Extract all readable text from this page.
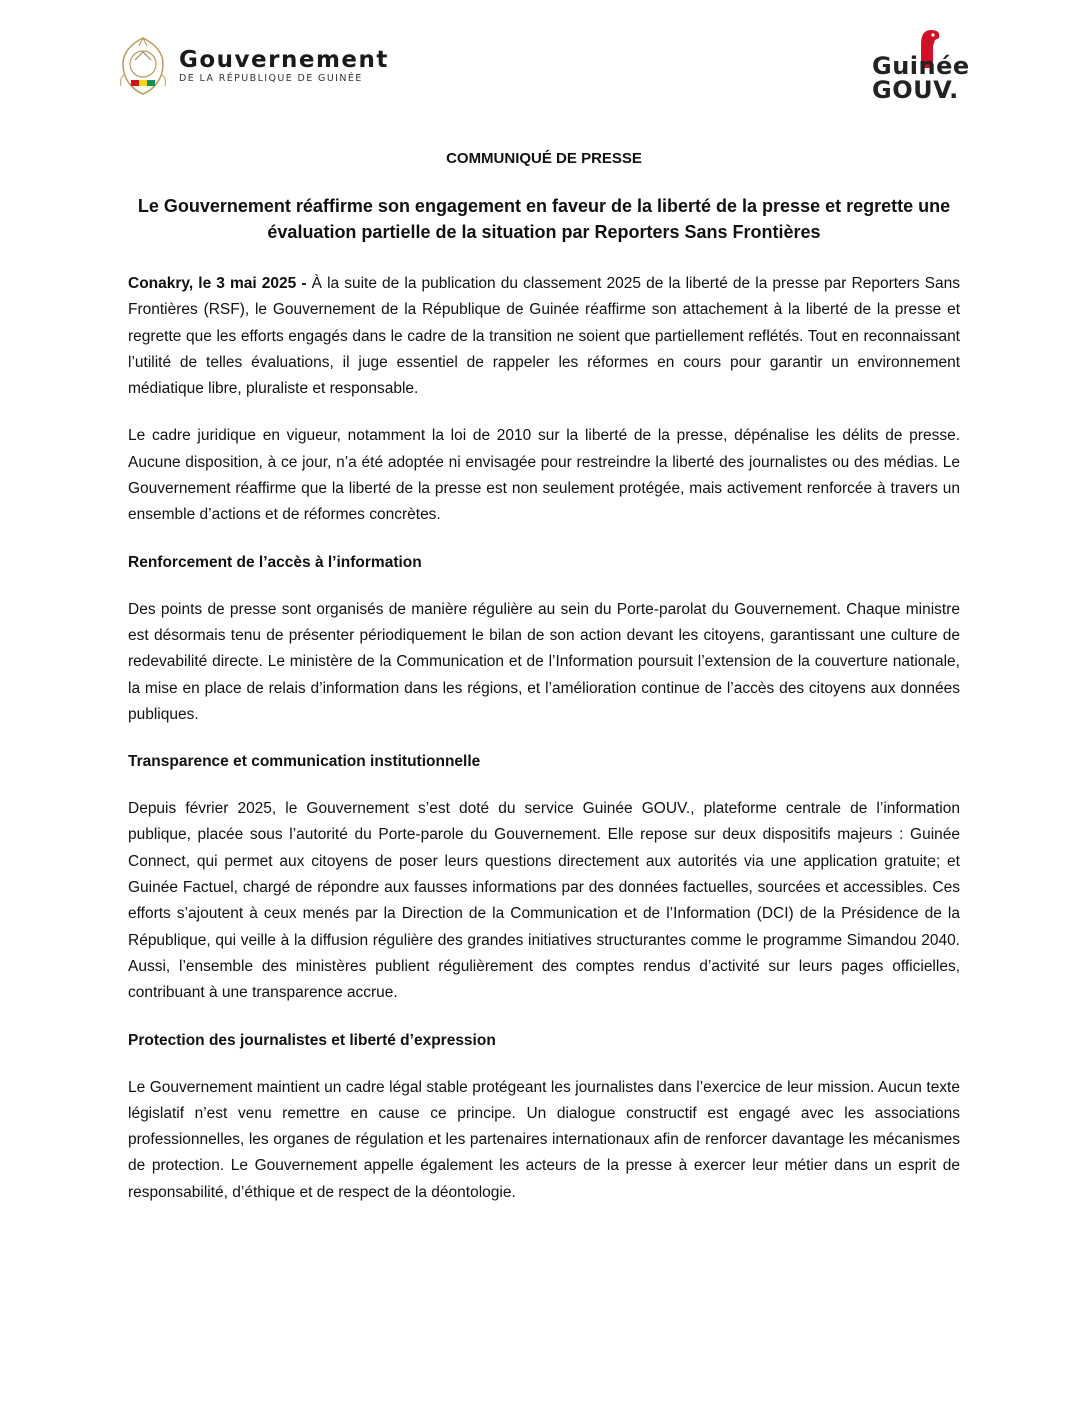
Gouvernement
DE LA RÉPUBLIQUE DE GUINÉE	Guinée
GOUV.
COMMUNIQUÉ DE PRESSE
Le Gouvernement réaffirme son engagement en faveur de la liberté de la presse et regrette une évaluation partielle de la situation par Reporters Sans Frontières

Conakry, le 3 mai 2025 - À la suite de la publication du classement 2025 de la liberté de la presse par Reporters Sans Frontières (RSF), le Gouvernement de la République de Guinée réaffirme son attachement à la liberté de la presse et regrette que les efforts engagés dans le cadre de la transition ne soient que partiellement reflétés. Tout en reconnaissant l’utilité de telles évaluations, il juge essentiel de rappeler les réformes en cours pour garantir un environnement médiatique libre, pluraliste et responsable.

Le cadre juridique en vigueur, notamment la loi de 2010 sur la liberté de la presse, dépénalise les délits de presse. Aucune disposition, à ce jour, n’a été adoptée ni envisagée pour restreindre la liberté des journalistes ou des médias. Le Gouvernement réaffirme que la liberté de la presse est non seulement protégée, mais activement renforcée à travers un ensemble d’actions et de réformes concrètes.

Renforcement de l’accès à l’information

Des points de presse sont organisés de manière régulière au sein du Porte-parolat du Gouvernement. Chaque ministre est désormais tenu de présenter périodiquement le bilan de son action devant les citoyens, garantissant une culture de redevabilité directe. Le ministère de la Communication et de l’Information poursuit l’extension de la couverture nationale, la mise en place de relais d’information dans les régions, et l’amélioration continue de l’accès des citoyens aux données publiques.

Transparence et communication institutionnelle

Depuis février 2025, le Gouvernement s’est doté du service Guinée GOUV., plateforme centrale de l’information publique, placée sous l’autorité du Porte-parole du Gouvernement. Elle repose sur deux dispositifs majeurs : Guinée Connect, qui permet aux citoyens de poser leurs questions directement aux autorités via une application gratuite; et Guinée Factuel, chargé de répondre aux fausses informations par des données factuelles, sourcées et accessibles. Ces efforts s’ajoutent à ceux menés par la Direction de la Communication et de l’Information (DCI) de la Présidence de la République, qui veille à la diffusion régulière des grandes initiatives structurantes comme le programme Simandou 2040. Aussi, l’ensemble des ministères publient régulièrement des comptes rendus d’activité sur leurs pages officielles, contribuant à une transparence accrue.

Protection des journalistes et liberté d’expression

Le Gouvernement maintient un cadre légal stable protégeant les journalistes dans l’exercice de leur mission. Aucun texte législatif n’est venu remettre en cause ce principe. Un dialogue constructif est engagé avec les associations professionnelles, les organes de régulation et les partenaires internationaux afin de renforcer davantage les mécanismes de protection. Le Gouvernement appelle également les acteurs de la presse à exercer leur métier dans un esprit de responsabilité, d’éthique et de respect de la déontologie.
